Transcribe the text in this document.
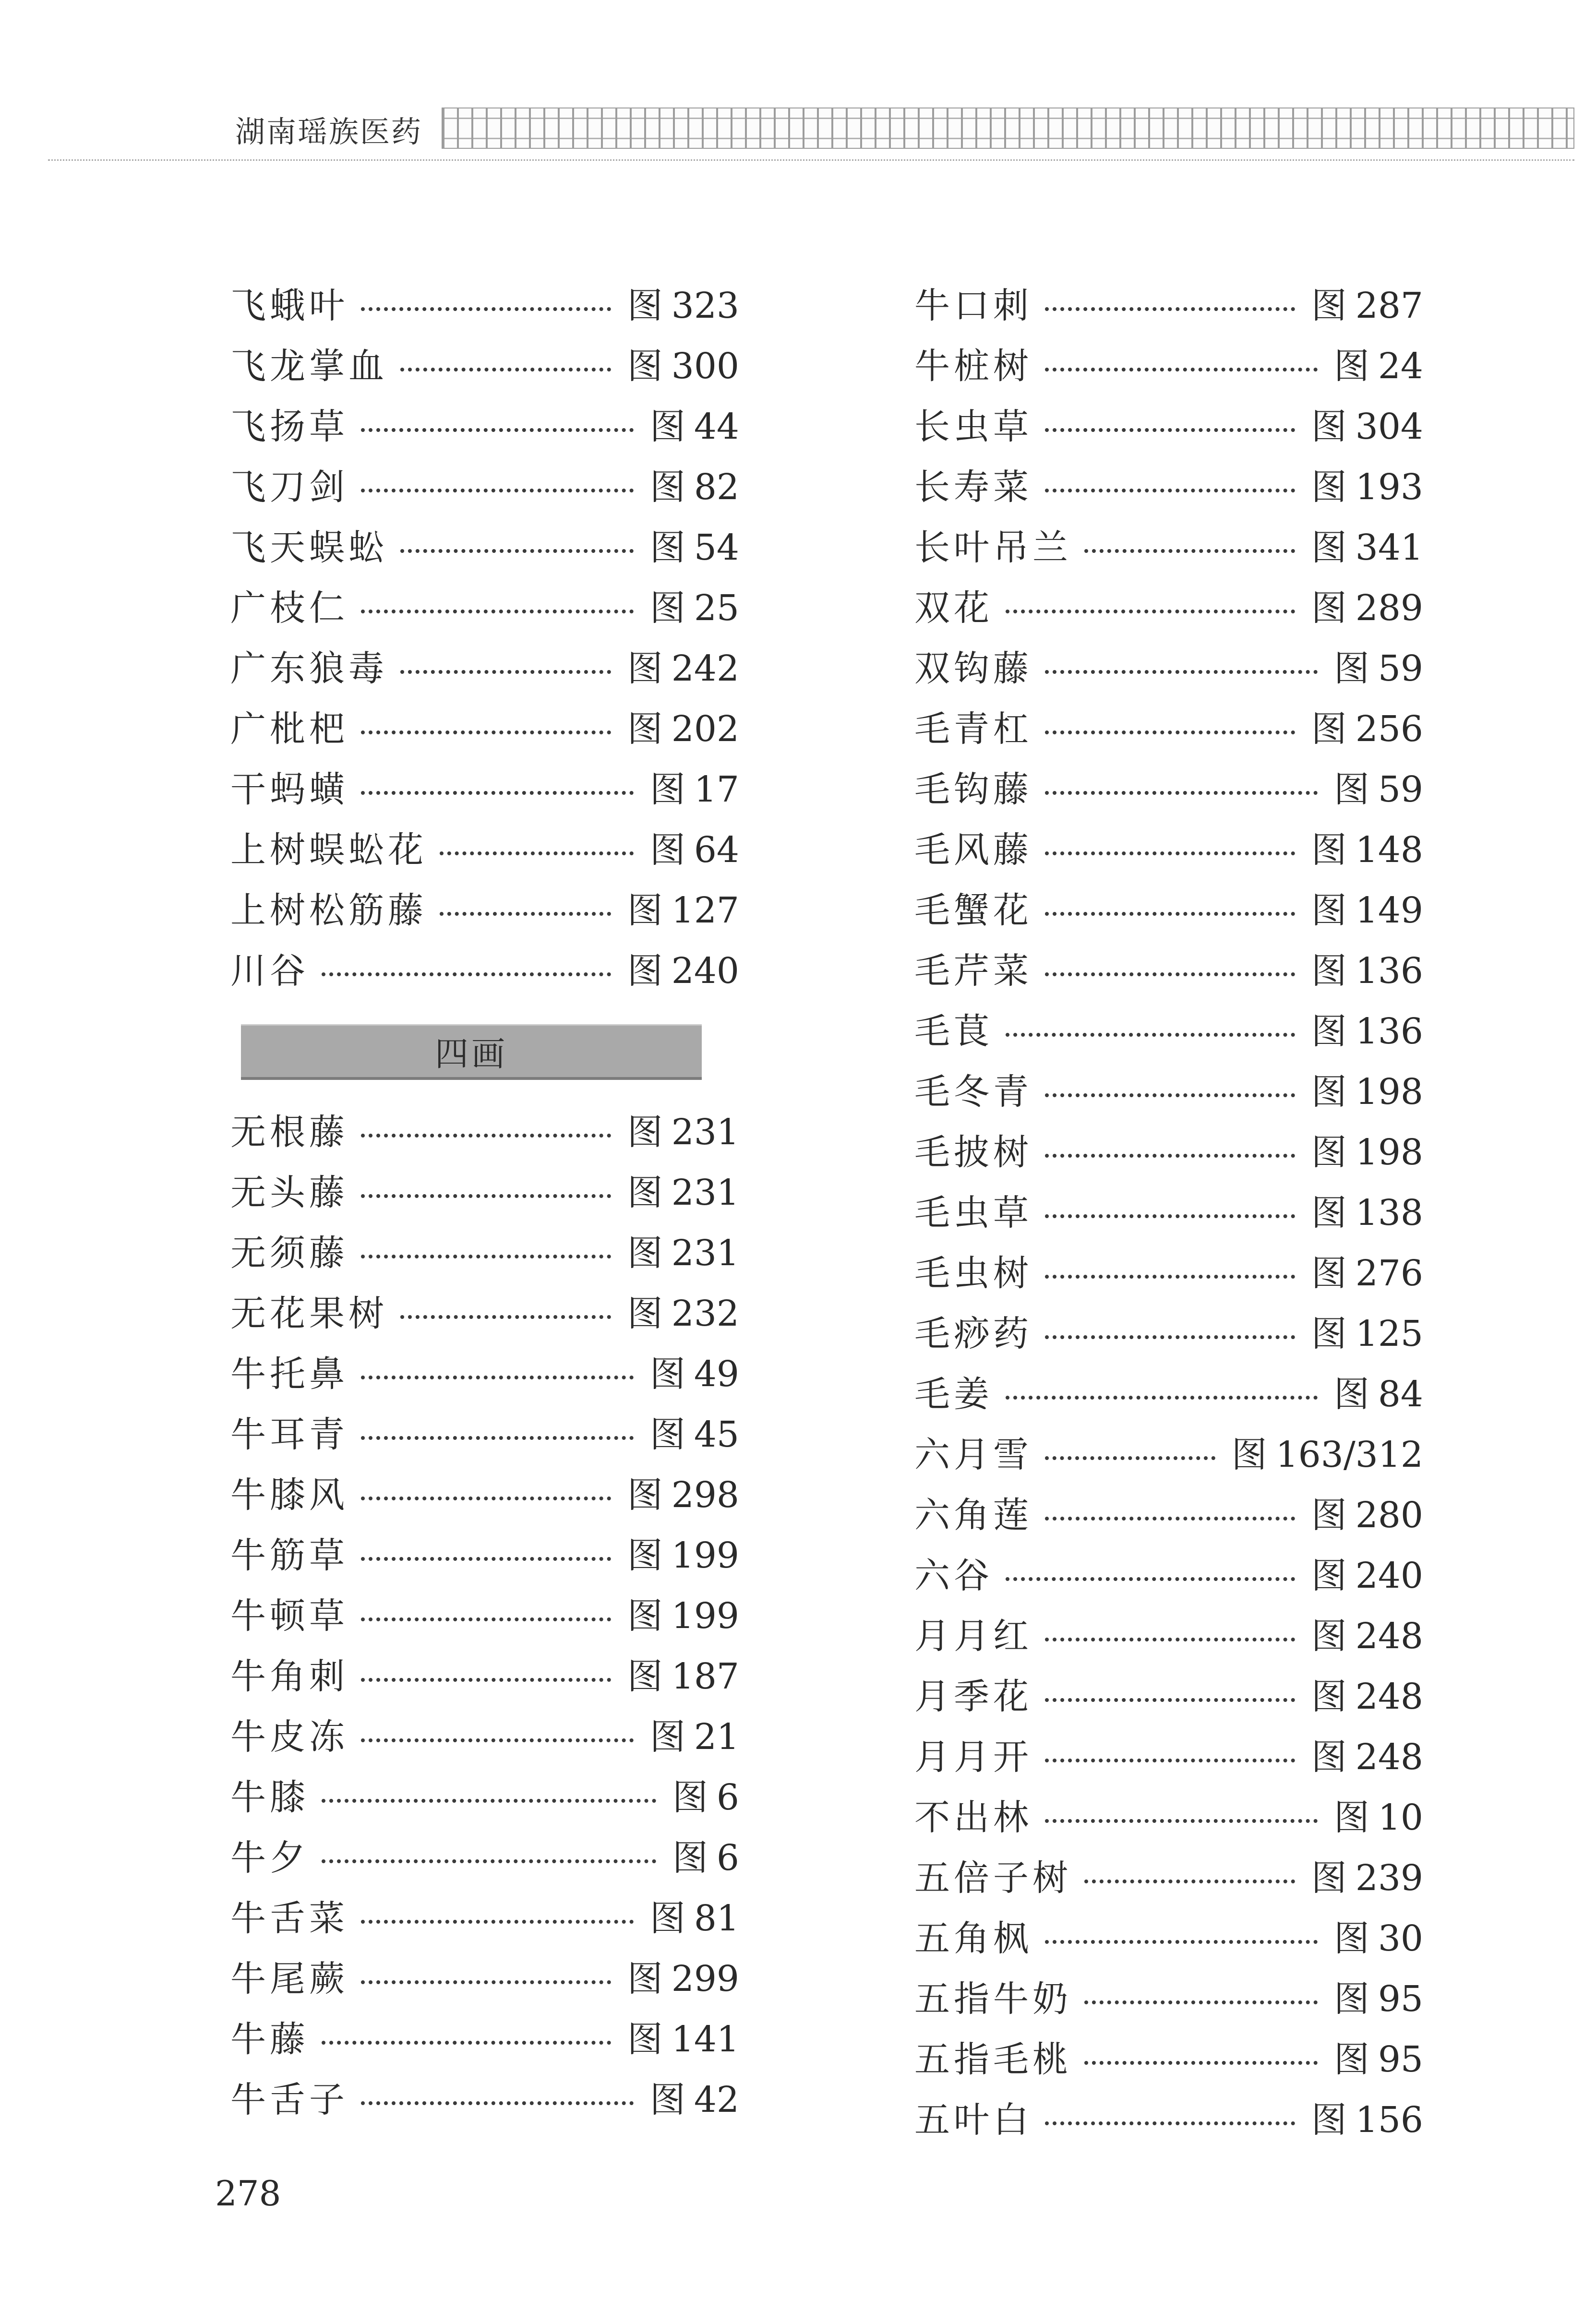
湖南瑶族医药
飞蛾叶	图 323
飞龙掌血	图 300
飞扬草	图 44
飞刀剑	图 82
飞天蜈蚣	图 54
广枝仁	图 25
广东狼毒	图 242
广枇杷	图 202
干蚂蟥	图 17
上树蜈蚣花	图 64
上树松筋藤	图 127
川谷	图 240
四画
无根藤	图 231
无头藤	图 231
无须藤	图 231
无花果树	图 232
牛托鼻	图 49
牛耳青	图 45
牛膝风	图 298
牛筋草	图 199
牛顿草	图 199
牛角刺	图 187
牛皮冻	图 21
牛膝	图 6
牛夕	图 6
牛舌菜	图 81
牛尾蕨	图 299
牛藤	图 141
牛舌子	图 42
牛口刺	图 287
牛桩树	图 24
长虫草	图 304
长寿菜	图 193
长叶吊兰	图 341
双花	图 289
双钩藤	图 59
毛青杠	图 256
毛钩藤	图 59
毛风藤	图 148
毛蟹花	图 149
毛芹菜	图 136
毛茛	图 136
毛冬青	图 198
毛披树	图 198
毛虫草	图 138
毛虫树	图 276
毛痧药	图 125
毛姜	图 84
六月雪	图 163/312
六角莲	图 280
六谷	图 240
月月红	图 248
月季花	图 248
月月开	图 248
不出林	图 10
五倍子树	图 239
五角枫	图 30
五指牛奶	图 95
五指毛桃	图 95
五叶白	图 156
278
